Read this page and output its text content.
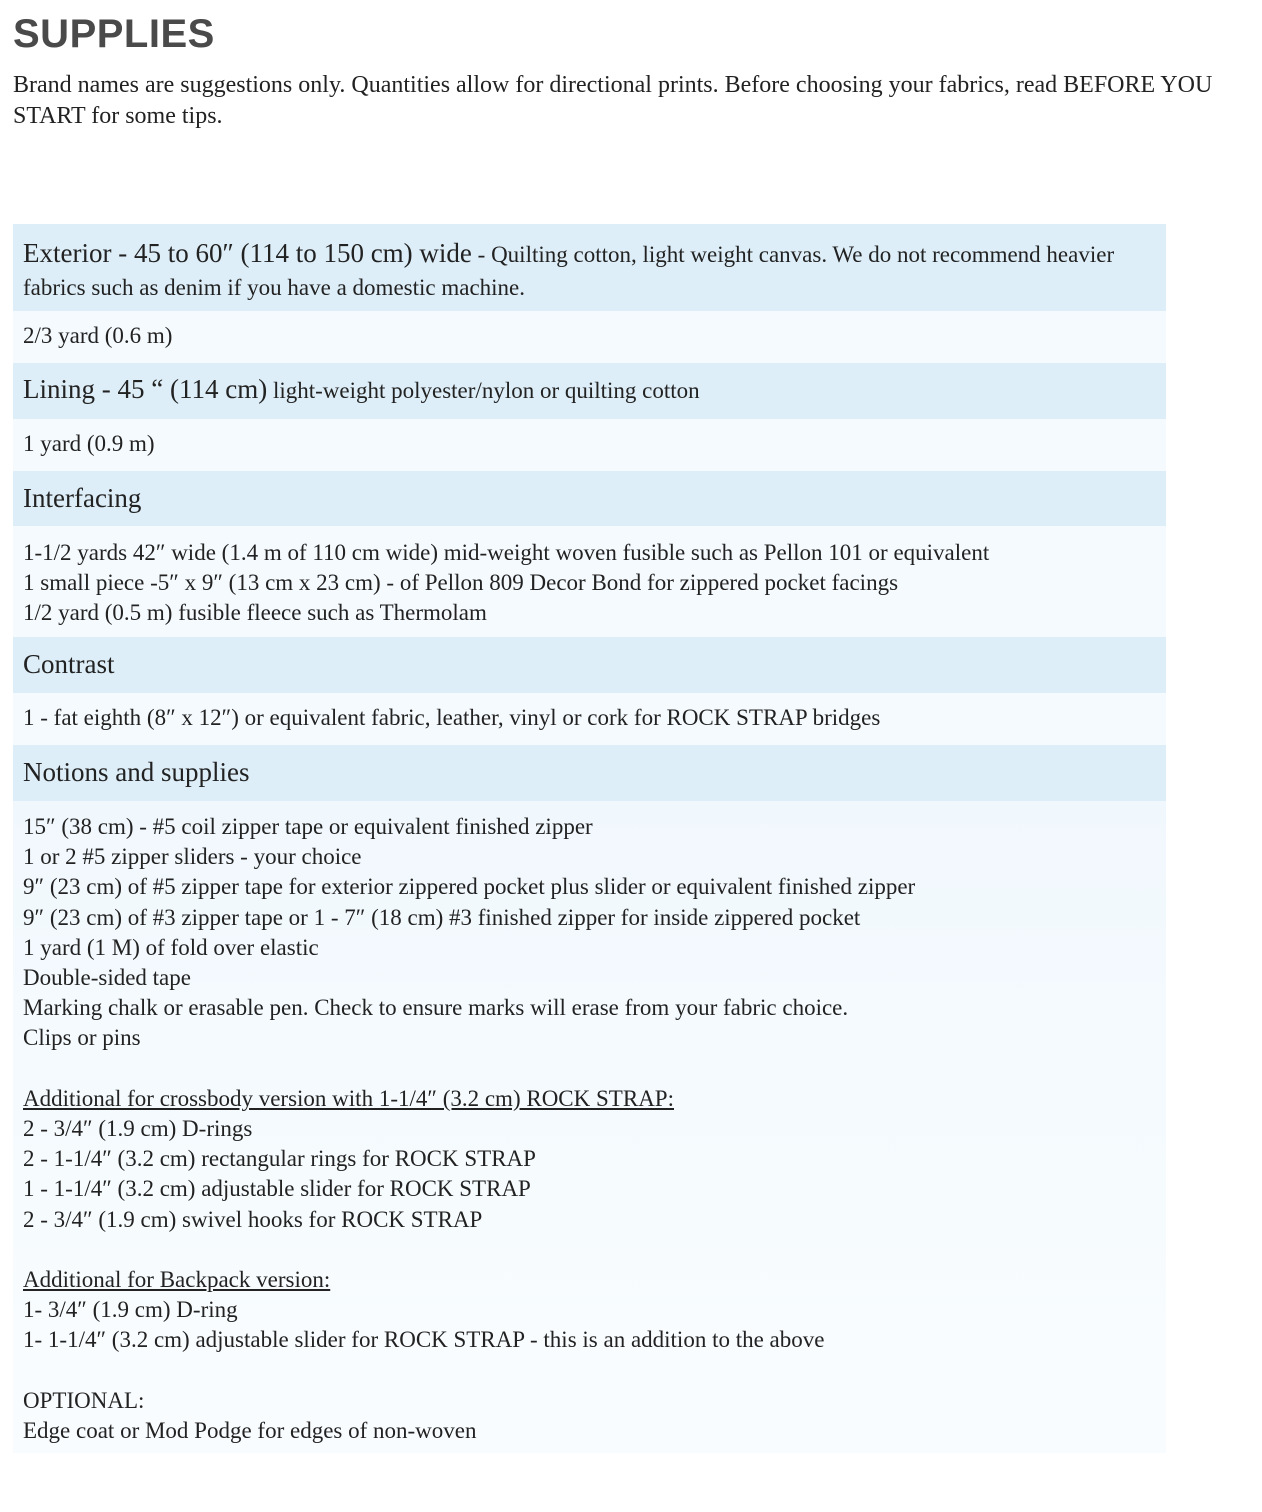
SUPPLIES

Brand names are suggestions only. Quantities allow for directional prints. Before choosing your fabrics, read BEFORE YOU START for some tips.

Exterior - 45 to 60″ (114 to 150 cm) wide - Quilting cotton, light weight canvas. We do not recommend heavier fabrics such as denim if you have a domestic machine.
2/3 yard (0.6 m)
Lining - 45 “ (114 cm) light-weight polyester/nylon or quilting cotton
1 yard (0.9 m)
Interfacing
1-1/2 yards 42″ wide (1.4 m of 110 cm wide) mid-weight woven fusible such as Pellon 101 or equivalent
1 small piece -5″ x 9″ (13 cm x 23 cm) - of Pellon 809 Decor Bond for zippered pocket facings
1/2 yard (0.5 m) fusible fleece such as Thermolam
Contrast
1 - fat eighth (8″ x 12″) or equivalent fabric, leather, vinyl or cork for ROCK STRAP bridges
Notions and supplies
15″ (38 cm) - #5 coil zipper tape or equivalent finished zipper
1 or 2 #5 zipper sliders - your choice
9″ (23 cm) of #5 zipper tape for exterior zippered pocket plus slider or equivalent finished zipper
9″ (23 cm) of #3 zipper tape or 1 - 7″ (18 cm) #3 finished zipper for inside zippered pocket
1 yard (1 M) of fold over elastic
Double-sided tape
Marking chalk or erasable pen. Check to ensure marks will erase from your fabric choice.
Clips or pins
Additional for crossbody version with 1-1/4″ (3.2 cm) ROCK STRAP:
2 - 3/4″ (1.9 cm) D-rings
2 - 1-1/4″ (3.2 cm) rectangular rings for ROCK STRAP
1 - 1-1/4″ (3.2 cm) adjustable slider for ROCK STRAP
2 - 3/4″ (1.9 cm) swivel hooks for ROCK STRAP
Additional for Backpack version:
1- 3/4″ (1.9 cm) D-ring
1- 1-1/4″ (3.2 cm) adjustable slider for ROCK STRAP - this is an addition to the above
OPTIONAL:
Edge coat or Mod Podge for edges of non-woven
